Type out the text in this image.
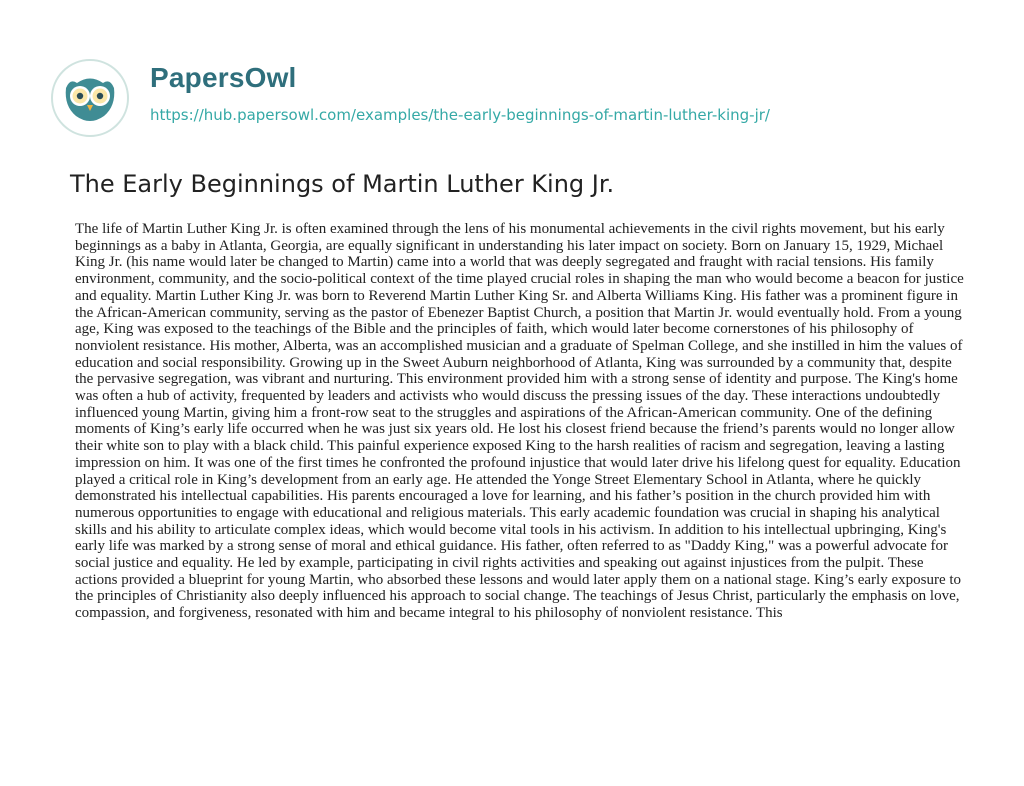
PapersOwl
https://hub.papersowl.com/examples/the-early-beginnings-of-martin-luther-king-jr/
The Early Beginnings of Martin Luther King Jr.

The life of Martin Luther King Jr. is often examined through the lens of his monumental achievements in the civil rights movement, but his early beginnings as a baby in Atlanta, Georgia, are equally significant in understanding his later impact on society. Born on January 15, 1929, Michael King Jr. (his name would later be changed to Martin) came into a world that was deeply segregated and fraught with racial tensions. His family environment, community, and the socio-political context of the time played crucial roles in shaping the man who would become a beacon for justice and equality. Martin Luther King Jr. was born to Reverend Martin Luther King Sr. and Alberta Williams King. His father was a prominent figure in the African-American community, serving as the pastor of Ebenezer Baptist Church, a position that Martin Jr. would eventually hold. From a young age, King was exposed to the teachings of the Bible and the principles of faith, which would later become cornerstones of his philosophy of nonviolent resistance. His mother, Alberta, was an accomplished musician and a graduate of Spelman College, and she instilled in him the values of education and social responsibility. Growing up in the Sweet Auburn neighborhood of Atlanta, King was surrounded by a community that, despite the pervasive segregation, was vibrant and nurturing. This environment provided him with a strong sense of identity and purpose. The King's home was often a hub of activity, frequented by leaders and activists who would discuss the pressing issues of the day. These interactions undoubtedly influenced young Martin, giving him a front-row seat to the struggles and aspirations of the African-American community. One of the defining moments of King’s early life occurred when he was just six years old. He lost his closest friend because the friend’s parents would no longer allow their white son to play with a black child. This painful experience exposed King to the harsh realities of racism and segregation, leaving a lasting impression on him. It was one of the first times he confronted the profound injustice that would later drive his lifelong quest for equality. Education played a critical role in King’s development from an early age. He attended the Yonge Street Elementary School in Atlanta, where he quickly demonstrated his intellectual capabilities. His parents encouraged a love for learning, and his father’s position in the church provided him with numerous opportunities to engage with educational and religious materials. This early academic foundation was crucial in shaping his analytical skills and his ability to articulate complex ideas, which would become vital tools in his activism. In addition to his intellectual upbringing, King's early life was marked by a strong sense of moral and ethical guidance. His father, often referred to as "Daddy King," was a powerful advocate for social justice and equality. He led by example, participating in civil rights activities and speaking out against injustices from the pulpit. These actions provided a blueprint for young Martin, who absorbed these lessons and would later apply them on a national stage. King’s early exposure to the principles of Christianity also deeply influenced his approach to social change. The teachings of Jesus Christ, particularly the emphasis on love, compassion, and forgiveness, resonated with him and became integral to his philosophy of nonviolent resistance. This
